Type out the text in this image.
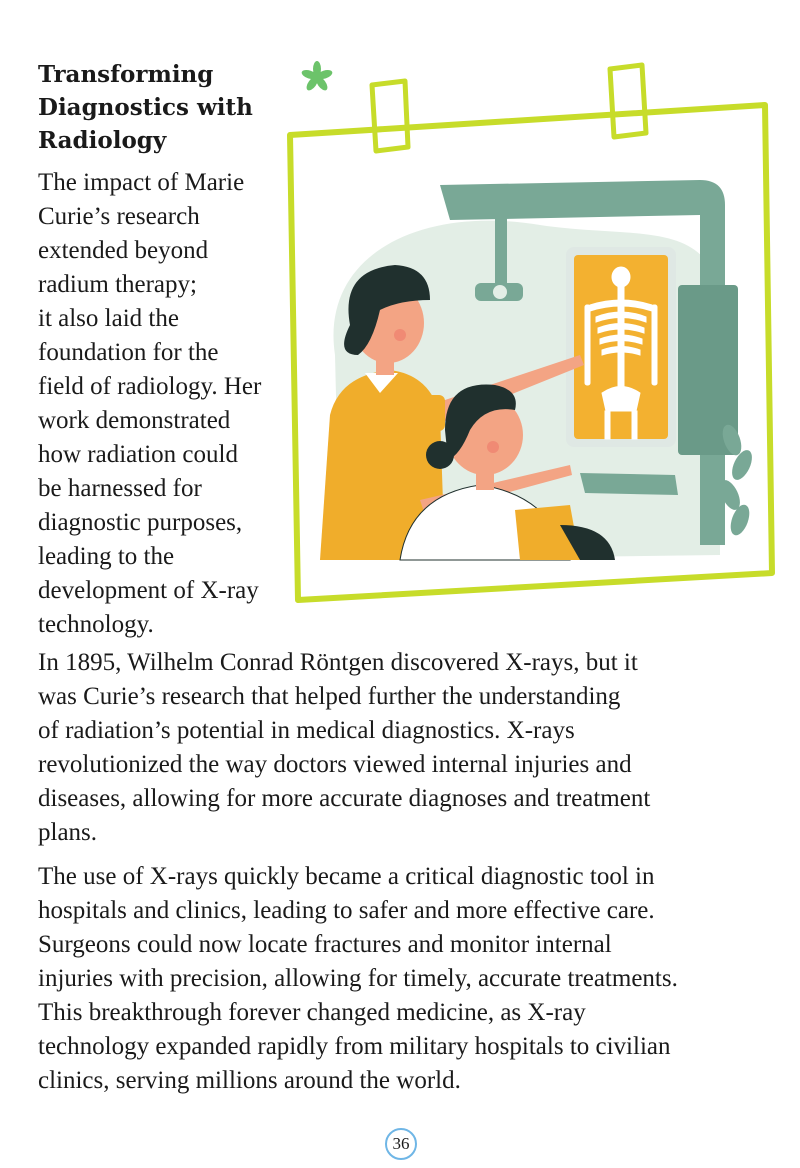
Transforming
Diagnostics with
Radiology

The impact of Marie
Curie’s research
extended beyond
radium therapy;
it also laid the
foundation for the
field of radiology. Her
work demonstrated
how radiation could
be harnessed for
diagnostic purposes,
leading to the
development of X-ray
technology.

In 1895, Wilhelm Conrad Röntgen discovered X-rays, but it
was Curie’s research that helped further the understanding
of radiation’s potential in medical diagnostics. X-rays
revolutionized the way doctors viewed internal injuries and
diseases, allowing for more accurate diagnoses and treatment
plans.

The use of X-rays quickly became a critical diagnostic tool in
hospitals and clinics, leading to safer and more effective care.
Surgeons could now locate fractures and monitor internal
injuries with precision, allowing for timely, accurate treatments.
This breakthrough forever changed medicine, as X-ray
technology expanded rapidly from military hospitals to civilian
clinics, serving millions around the world.

36
